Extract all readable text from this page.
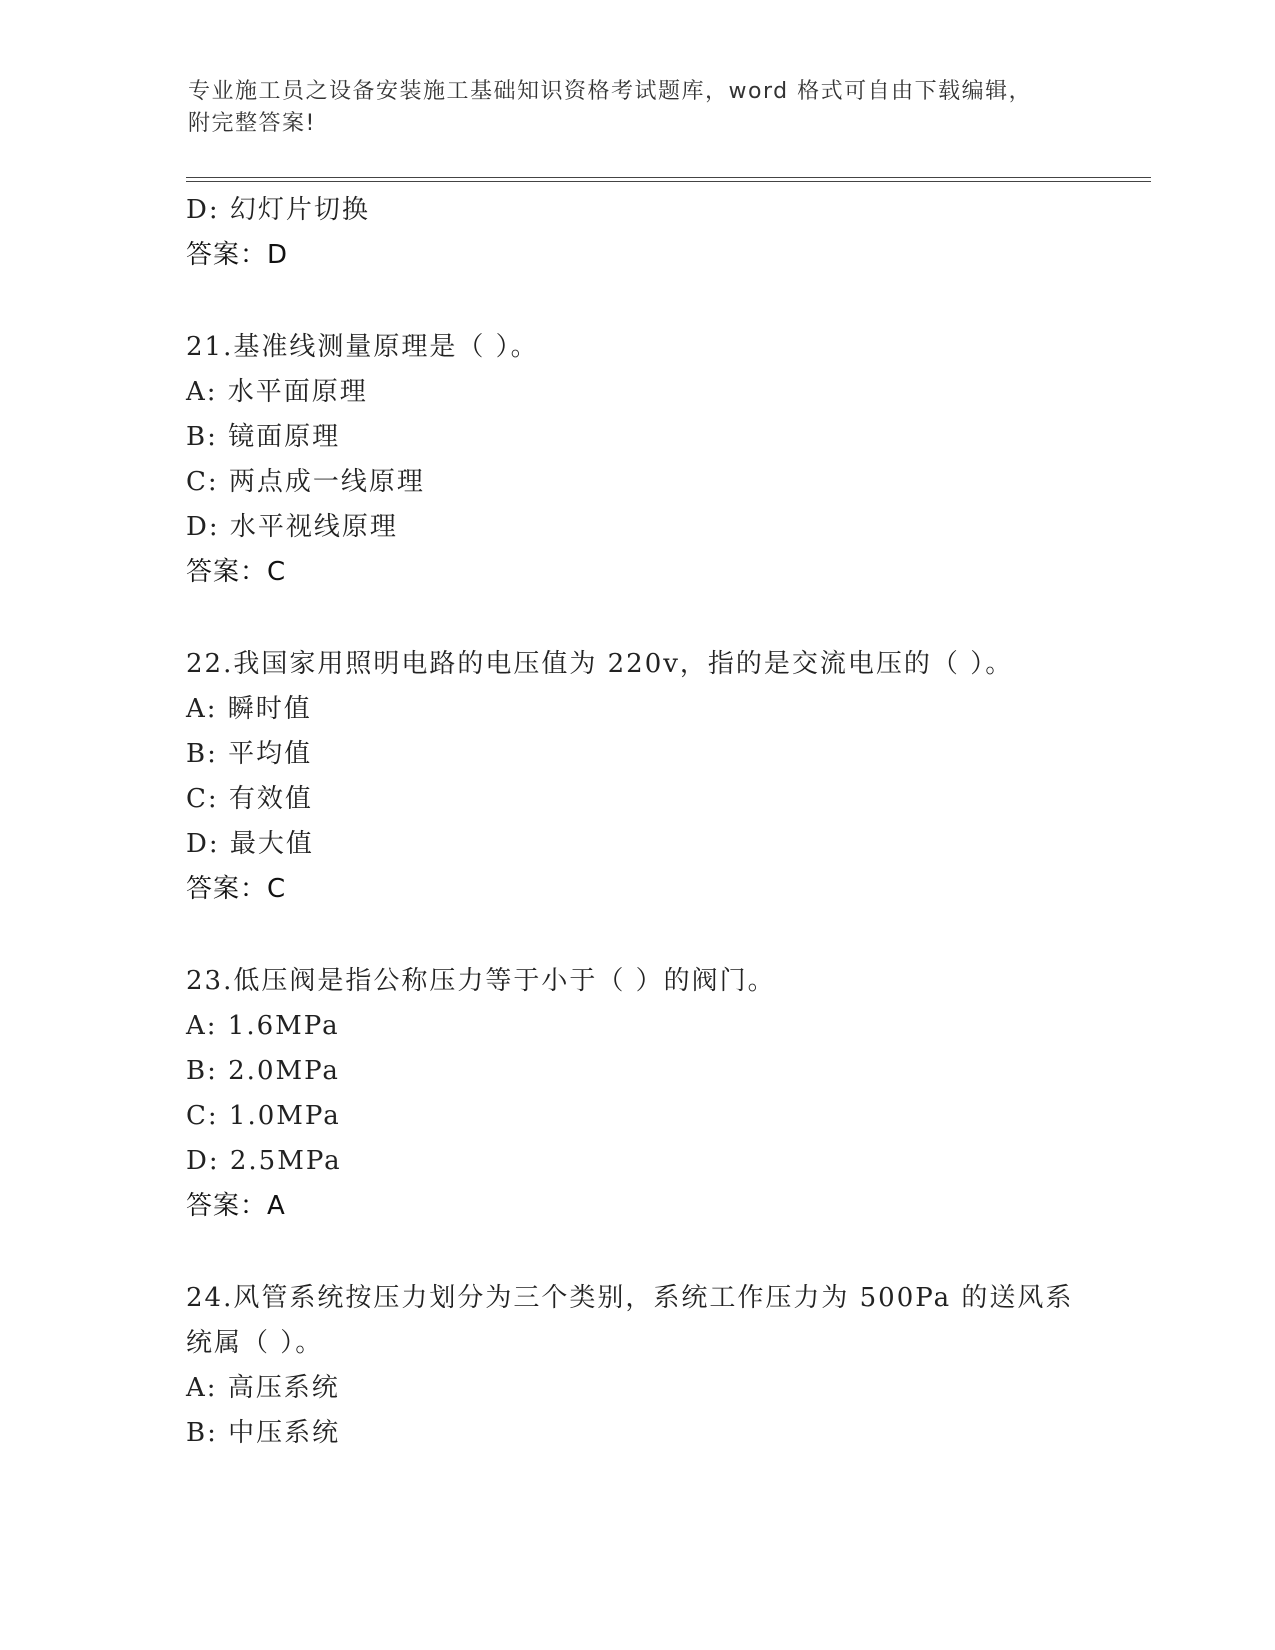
专业施工员之设备安装施工基础知识资格考试题库，word 格式可自由下载编辑，
附完整答案!
D: 幻灯片切换
答案：D
21.基准线测量原理是（ ）。
A: 水平面原理
B: 镜面原理
C: 两点成一线原理
D: 水平视线原理
答案：C
22.我国家用照明电路的电压值为 220v，指的是交流电压的（ ）。
A: 瞬时值
B: 平均值
C: 有效值
D: 最大值
答案：C
23.低压阀是指公称压力等于小于（ ）的阀门。
A: 1.6MPa
B: 2.0MPa
C: 1.0MPa
D: 2.5MPa
答案：A
24.风管系统按压力划分为三个类别，系统工作压力为 500Pa 的送风系
统属（ ）。
A: 高压系统
B: 中压系统
